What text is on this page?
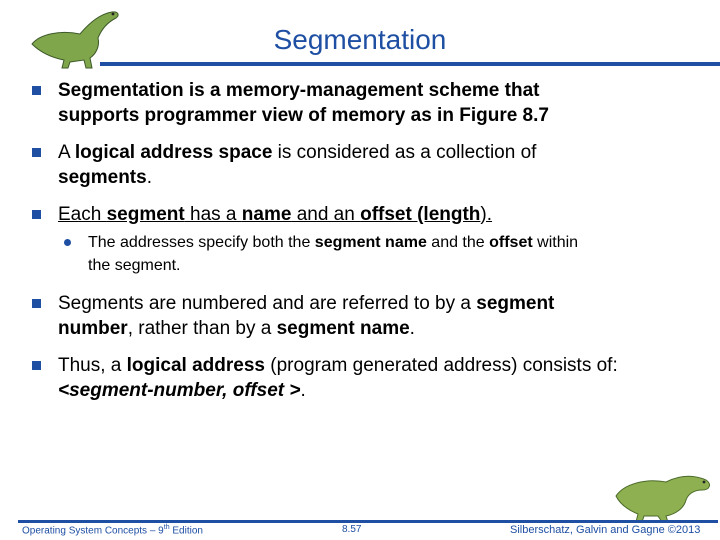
Segmentation
Segmentation is a memory-management scheme that
supports programmer view of memory as in Figure 8.7
A logical address space is considered as a collection of
segments.
Each segment has a name and an offset (length).
The addresses specify both the segment name and the offset within
the segment.
Segments are numbered and are referred to by a segment
number, rather than by a segment name.
Thus, a logical address (program generated address) consists of:
<segment-number, offset >.
Operating System Concepts – 9th Edition	8.57	Silberschatz, Galvin and Gagne ©2013
